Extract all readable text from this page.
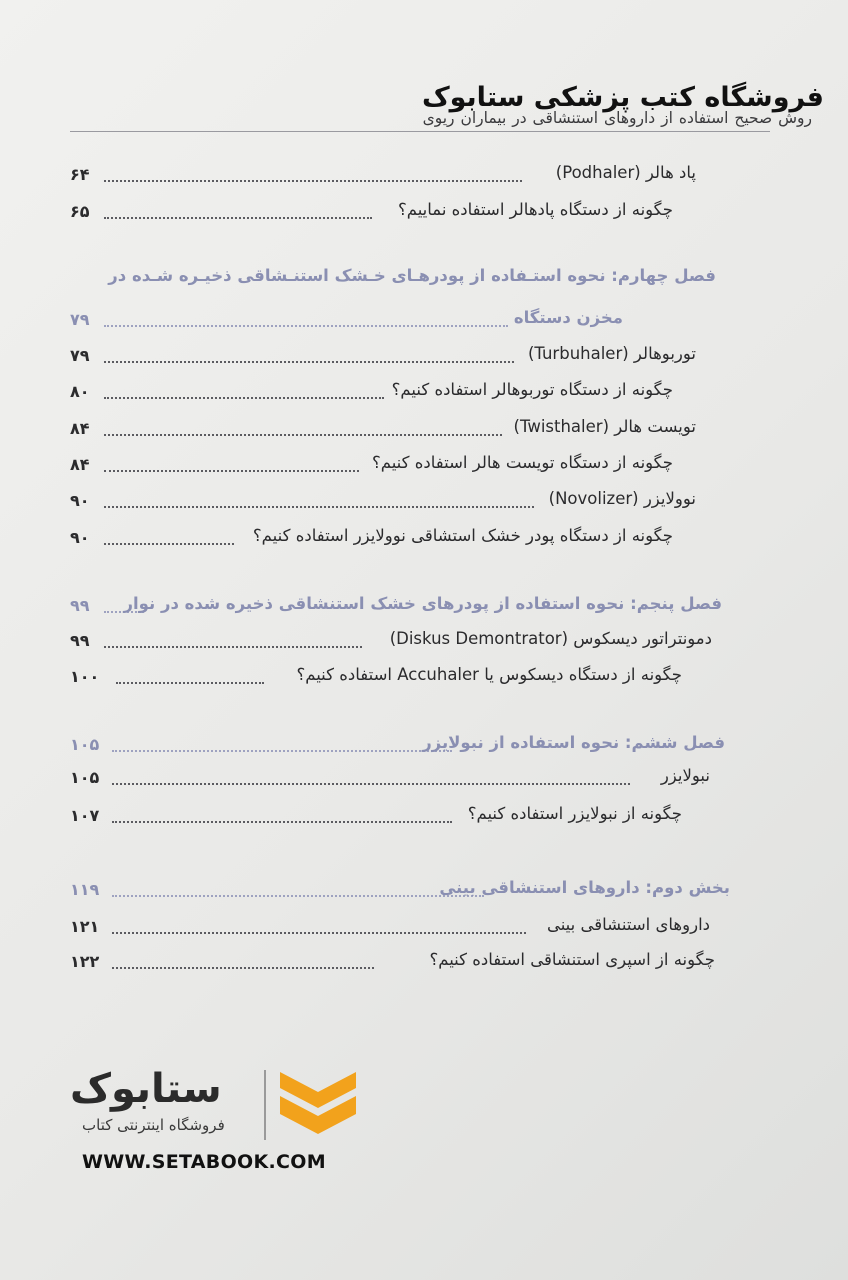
فروشگاه کتب پزشکی ستابوک
روش صحیح استفاده از داروهای استنشاقی در بیماران ریوی
۶۴	پاد هالر (Podhaler)
۶۵	چگونه از دستگاه پادهالر استفاده نماییم؟
فصل چهارم: نحوه استـفاده از پودرهـای خـشک استنـشاقی ذخیـره شـده در
۷۹	مخزن دستگاه
۷۹	توربوهالر (Turbuhaler)
۸۰	چگونه از دستگاه توربوهالر استفاده کنیم؟
۸۴	تویست هالر (Twisthaler)
۸۴	چگونه از دستگاه تویست هالر استفاده کنیم؟
۹۰	نوولایزر (Novolizer)
۹۰	چگونه از دستگاه پودر خشک استشاقی نوولایزر استفاده کنیم؟
۹۹ فصل پنجم: نحوه استفاده از پودرهای خشک استنشاقی ذخیره شده در نوار
۹۹	دمونتراتور دیسکوس (Diskus Demontrator)
۱۰۰	چگونه از دستگاه دیسکوس یا Accuhaler استفاده کنیم؟
۱۰۵	فصل ششم: نحوه استفاده از نبولایزر
۱۰۵	نبولایزر
۱۰۷	چگونه از نبولایزر استفاده کنیم؟
۱۱۹	بخش دوم: داروهای استنشاقی بینی
۱۲۱	داروهای استنشاقی بینی
۱۲۲	چگونه از اسپری استنشاقی استفاده کنیم؟
ستابوک
فروشگاه اینترنتی کتاب
WWW.SETABOOK.COM
